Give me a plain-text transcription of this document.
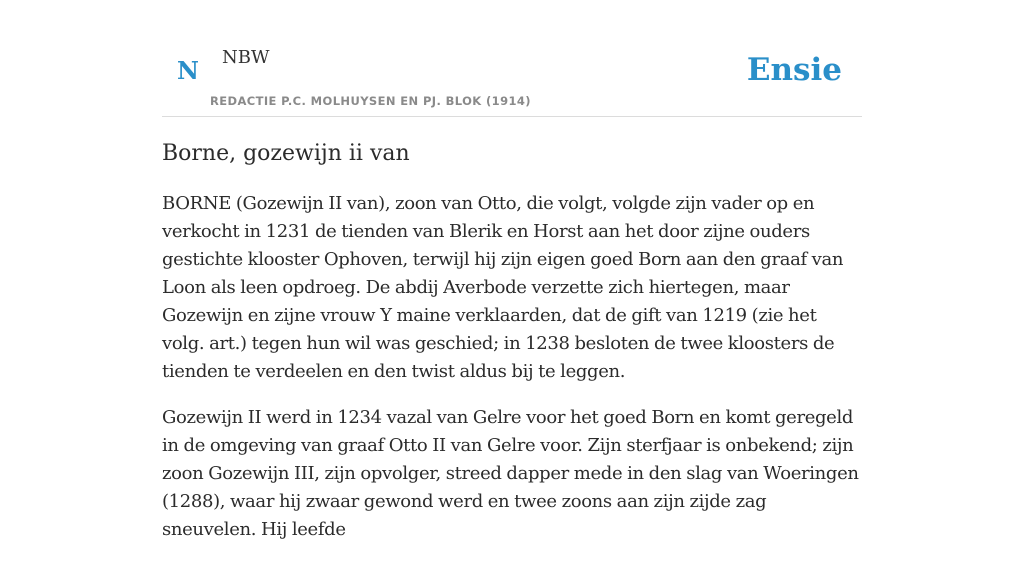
N NBW
REDACTIE P.C. MOLHUYSEN EN PJ. BLOK (1914)
Ensie
Borne, gozewijn ii van

BORNE (Gozewijn II van), zoon van Otto, die volgt, volgde zijn vader op en verkocht in 1231 de tienden van Blerik en Horst aan het door zijne ouders gestichte klooster Ophoven, terwijl hij zijn eigen goed Born aan den graaf van Loon als leen opdroeg. De abdij Averbode verzette zich hiertegen, maar Gozewijn en zijne vrouw Y maine verklaarden, dat de gift van 1219 (zie het volg. art.) tegen hun wil was geschied; in 1238 besloten de twee kloosters de tienden te verdeelen en den twist aldus bij te leggen.

Gozewijn II werd in 1234 vazal van Gelre voor het goed Born en komt geregeld in de omgeving van graaf Otto II van Gelre voor. Zijn sterfjaar is onbekend; zijn zoon Gozewijn III, zijn opvolger, streed dapper mede in den slag van Woeringen (1288), waar hij zwaar gewond werd en twee zoons aan zijn zijde zag sneuvelen. Hij leefde
